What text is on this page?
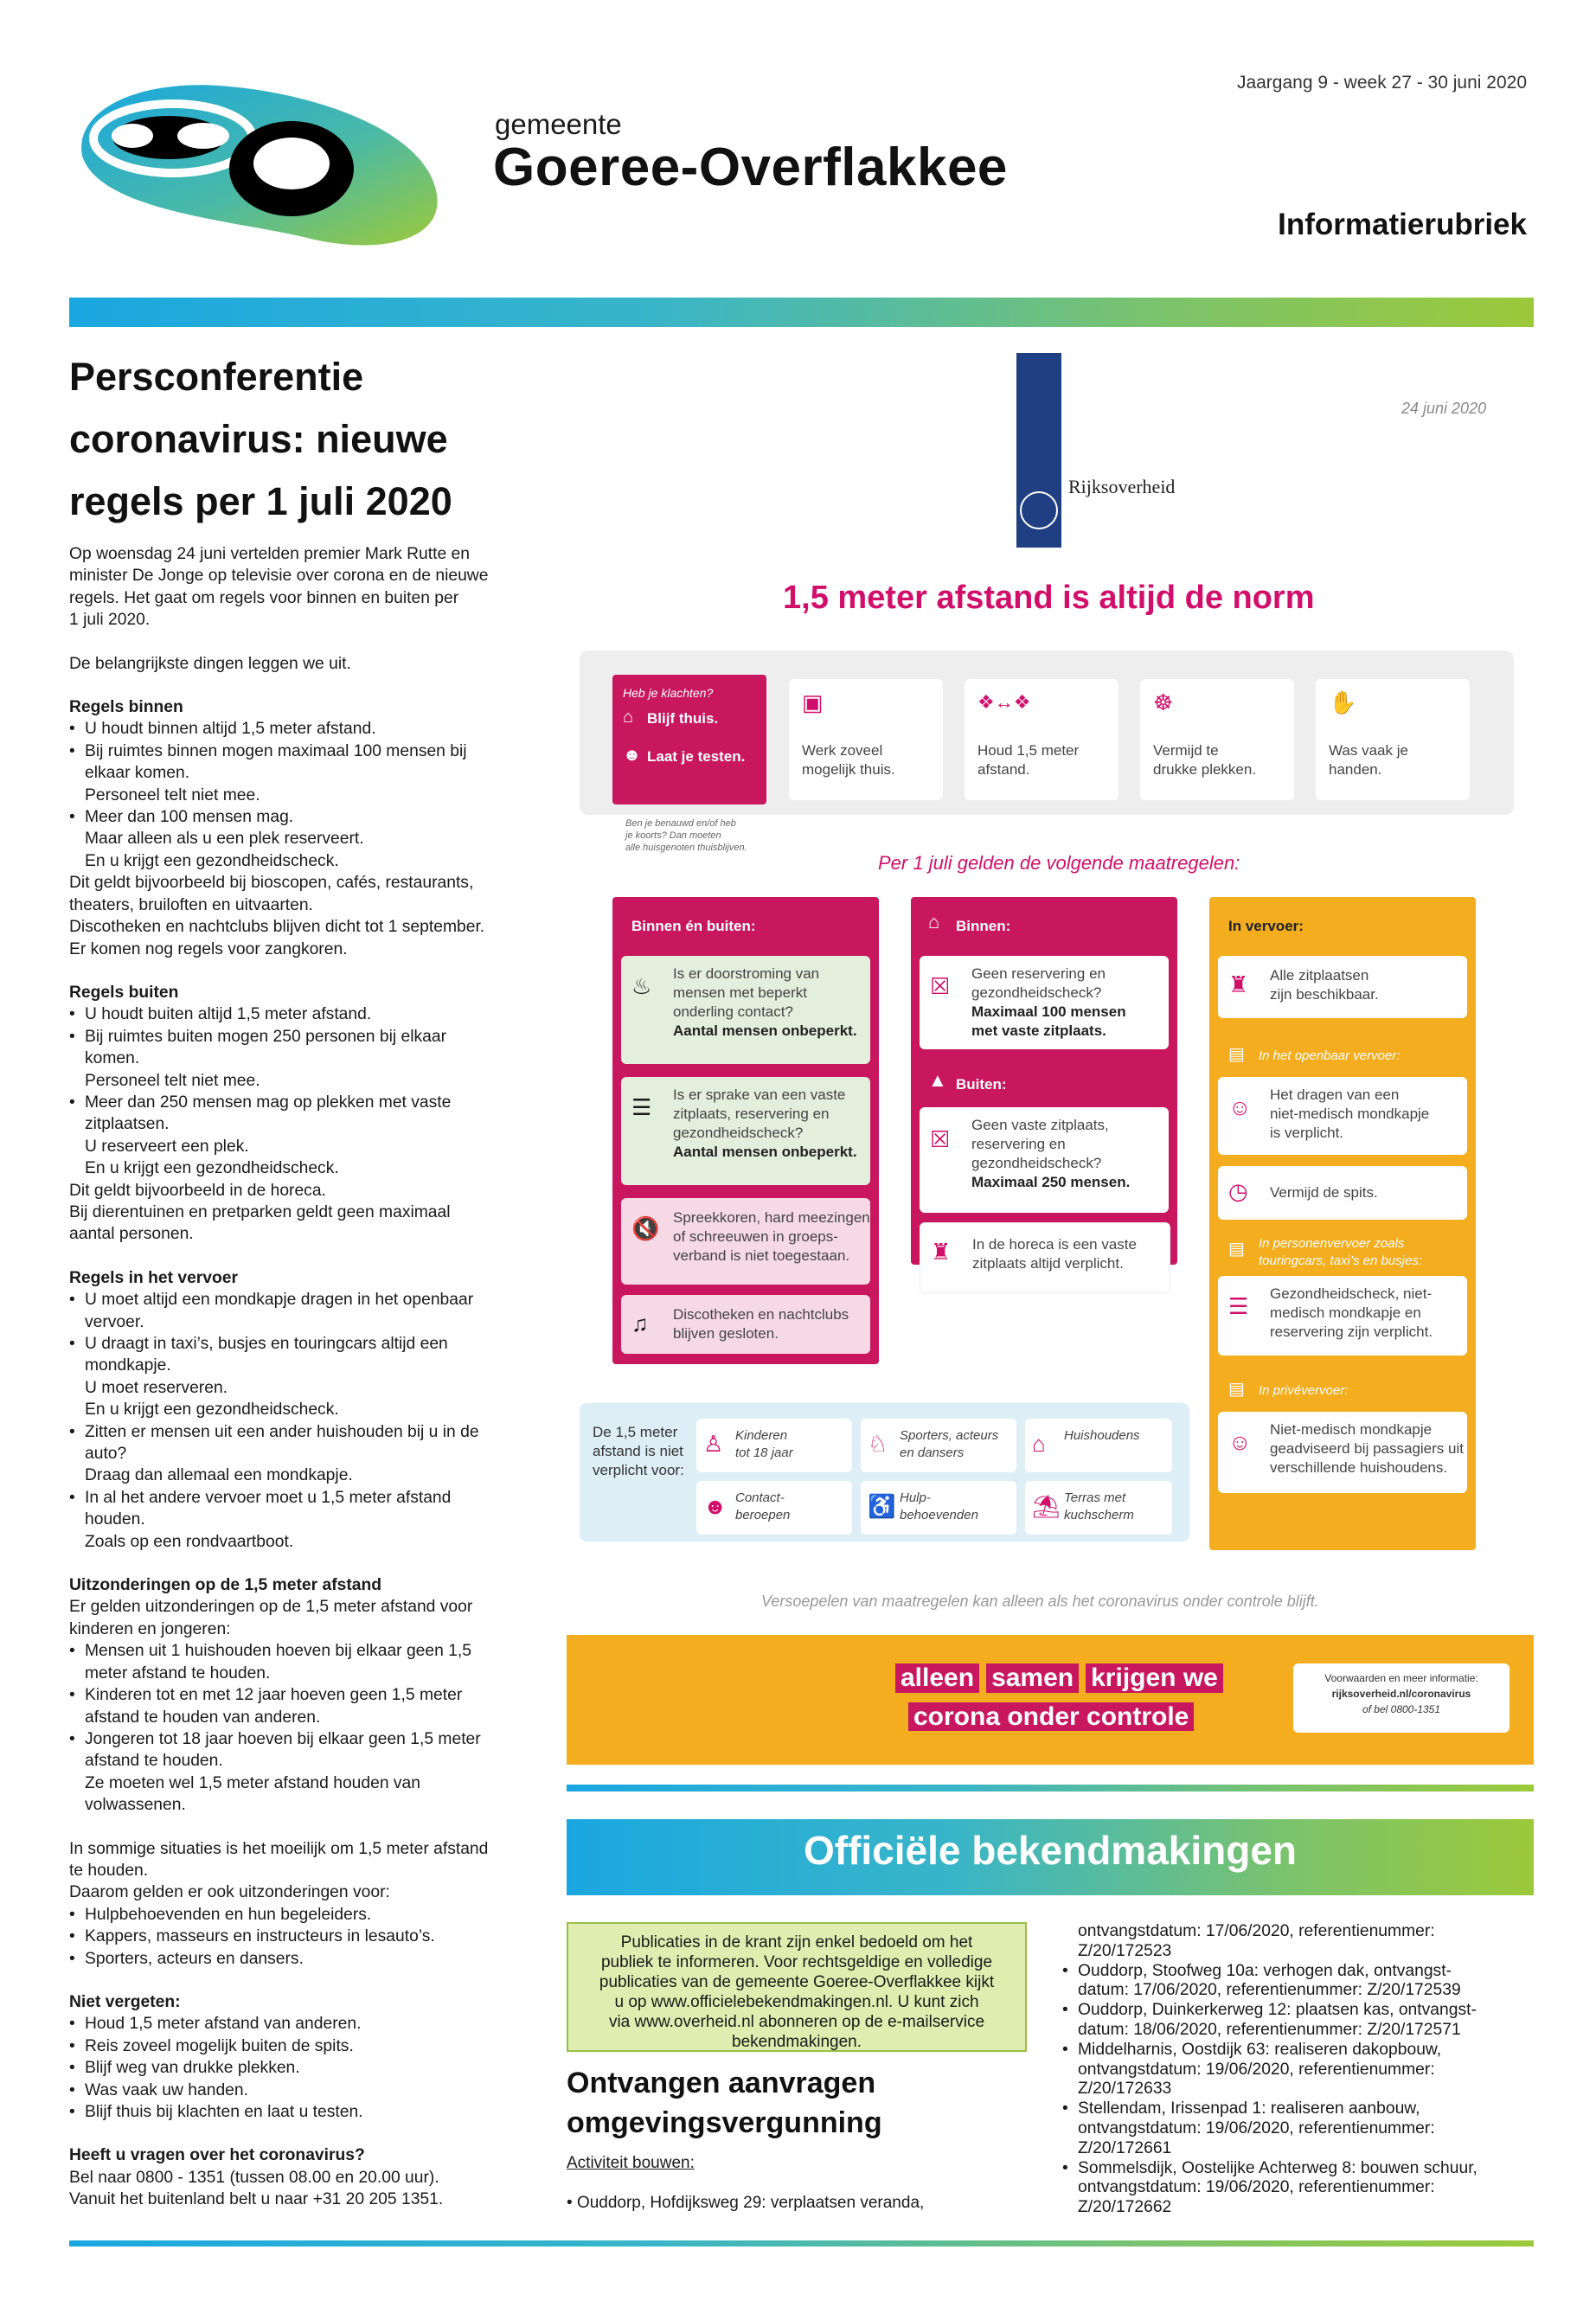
Jaargang 9 - week 27 - 30 juni 2020
gemeente
Goeree-Overflakkee
Informatierubriek
Persconferentie
coronavirus: nieuwe
regels per 1 juli 2020

Op woensdag 24 juni vertelden premier Mark Rutte en

minister De Jonge op televisie over corona en de nieuwe

regels. Het gaat om regels voor binnen en buiten per

1 juli 2020.

De belangrijkste dingen leggen we uit.

Regels binnen

• U houdt binnen altijd 1,5 meter afstand.

• Bij ruimtes binnen mogen maximaal 100 mensen bij
elkaar komen.

Personeel telt niet mee.

• Meer dan 100 mensen mag.

Maar alleen als u een plek reserveert.

En u krijgt een gezondheidscheck.

Dit geldt bijvoorbeeld bij bioscopen, cafés, restaurants,

theaters, bruiloften en uitvaarten.

Discotheken en nachtclubs blijven dicht tot 1 september.

Er komen nog regels voor zangkoren.

Regels buiten

• U houdt buiten altijd 1,5 meter afstand.

• Bij ruimtes buiten mogen 250 personen bij elkaar
komen.

Personeel telt niet mee.

• Meer dan 250 mensen mag op plekken met vaste
zitplaatsen.

U reserveert een plek.

En u krijgt een gezondheidscheck.

Dit geldt bijvoorbeeld in de horeca.

Bij dierentuinen en pretparken geldt geen maximaal

aantal personen.

Regels in het vervoer

• U moet altijd een mondkapje dragen in het openbaar
vervoer.

• U draagt in taxi’s, busjes en touringcars altijd een
mondkapje.

U moet reserveren.

En u krijgt een gezondheidscheck.

• Zitten er mensen uit een ander huishouden bij u in de
auto?

Draag dan allemaal een mondkapje.

• In al het andere vervoer moet u 1,5 meter afstand
houden.

Zoals op een rondvaartboot.

Uitzonderingen op de 1,5 meter afstand

Er gelden uitzonderingen op de 1,5 meter afstand voor

kinderen en jongeren:

• Mensen uit 1 huishouden hoeven bij elkaar geen 1,5
meter afstand te houden.

• Kinderen tot en met 12 jaar hoeven geen 1,5 meter
afstand te houden van anderen.

• Jongeren tot 18 jaar hoeven bij elkaar geen 1,5 meter
afstand te houden.

Ze moeten wel 1,5 meter afstand houden van

volwassenen.

In sommige situaties is het moeilijk om 1,5 meter afstand

te houden.

Daarom gelden er ook uitzonderingen voor:

• Hulpbehoevenden en hun begeleiders.

• Kappers, masseurs en instructeurs in lesauto’s.

• Sporters, acteurs en dansers.

Niet vergeten:

• Houd 1,5 meter afstand van anderen.

• Reis zoveel mogelijk buiten de spits.

• Blijf weg van drukke plekken.

• Was vaak uw handen.

• Blijf thuis bij klachten en laat u testen.

Heeft u vragen over het coronavirus?

Bel naar 0800 - 1351 (tussen 08.00 en 20.00 uur).

Vanuit het buitenland belt u naar +31 20 205 1351.

Rijksoverheid
24 juni 2020
1,5 meter afstand is altijd de norm
Heb je klachten?
⌂ Blijf thuis.
☻ Laat je testen.
Ben je benauwd en/of heb
je koorts? Dan moeten
alle huisgenoten thuisblijven.
▣
Werk zoveel
mogelijk thuis.
❖↔❖
Houd 1,5 meter
afstand.
☸
Vermijd te
drukke plekken.
✋
Was vaak je
handen.
Per 1 juli gelden de volgende maatregelen:
Binnen én buiten:
♨ Is er doorstroming van
mensen met beperkt
onderling contact?
Aantal mensen onbeperkt.
☰ Is er sprake van een vaste
zitplaats, reservering en
gezondheidscheck?
Aantal mensen onbeperkt.
🔇 Spreekkoren, hard meezingen
of schreeuwen in groeps-
verband is niet toegestaan.
♫ Discotheken en nachtclubs
blijven gesloten.
⌂ Binnen:
☒ Geen reservering en
gezondheidscheck?
Maximaal 100 mensen
met vaste zitplaats.
▲ Buiten:
☒
Geen vaste zitplaats,
reservering en
gezondheidscheck?
Maximaal 250 mensen.
♜ In de horeca is een vaste
zitplaats altijd verplicht.
In vervoer:
♜ Alle zitplaatsen
zijn beschikbaar.
▤ In het openbaar vervoer:
☺ Het dragen van een
niet-medisch mondkapje
is verplicht.
◷ Vermijd de spits.
▤ In personenvervoer zoals
touringcars, taxi’s en busjes:
☰ Gezondheidscheck, niet-
medisch mondkapje en
reservering zijn verplicht.
▤ In privévervoer:
☺ Niet-medisch mondkapje
geadviseerd bij passagiers uit
verschillende huishoudens.
De 1,5 meter
afstand is niet
verplicht voor:
♙ Kinderen
tot 18 jaar	♘ Sporters, acteurs
en dansers	⌂ Huishoudens
☻ Contact-
beroepen	♿ Hulp-
behoevenden ⛱ Terras met
kuchscherm
Versoepelen van maatregelen kan alleen als het coronavirus onder controle blijft.
alleen samen krijgen we
corona onder controle
Voorwaarden en meer informatie:
rijksoverheid.nl/coronavirus
of bel 0800-1351
Officiële bekendmakingen
Publicaties in de krant zijn enkel bedoeld om het
publiek te informeren. Voor rechtsgeldige en volledige
publicaties van de gemeente Goeree-Overflakkee kijkt
u op www.officielebekendmakingen.nl. U kunt zich
via www.overheid.nl abonneren op de e-mailservice
bekendmakingen.
Ontvangen aanvragen
omgevingsvergunning
Activiteit bouwen:
• Ouddorp, Hofdijksweg 29: verplaatsen veranda,

ontvangstdatum: 17/06/2020, referentienummer:

Z/20/172523

• Ouddorp, Stoofweg 10a: verhogen dak, ontvangst-
datum: 17/06/2020, referentienummer: Z/20/172539

• Ouddorp, Duinkerkerweg 12: plaatsen kas, ontvangst-
datum: 18/06/2020, referentienummer: Z/20/172571

• Middelharnis, Oostdijk 63: realiseren dakopbouw,
ontvangstdatum: 19/06/2020, referentienummer:
Z/20/172633

• Stellendam, Irissenpad 1: realiseren aanbouw,
ontvangstdatum: 19/06/2020, referentienummer:
Z/20/172661

• Sommelsdijk, Oostelijke Achterweg 8: bouwen schuur,
ontvangstdatum: 19/06/2020, referentienummer:
Z/20/172662
